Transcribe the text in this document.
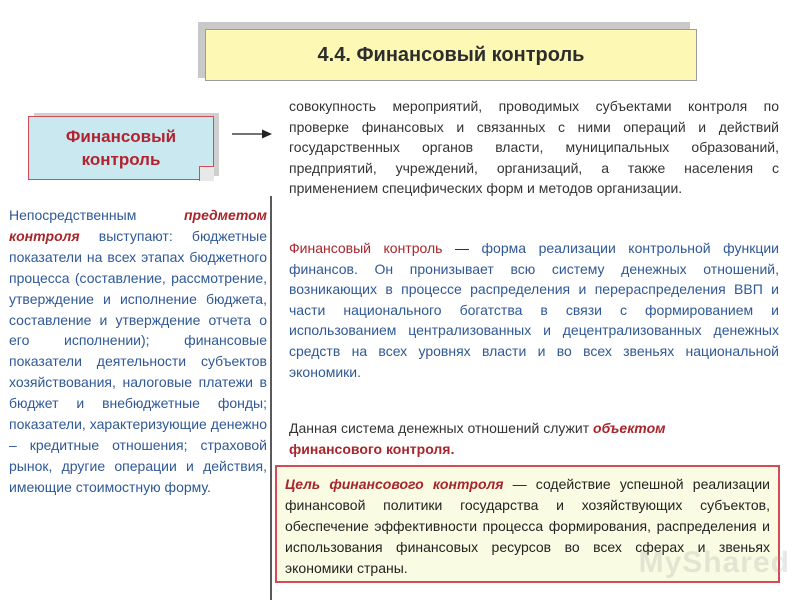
4.4. Финансовый контроль
Финансовый
контроль
Непосредственным предметом контроля выступают: бюджетные показатели на всех этапах бюджетного процесса (составление, рассмотрение, утверждение и исполнение бюджета, составление и утверждение отчета о его исполнении); финансовые показатели деятельности субъектов хозяйствования, налоговые платежи в бюджет и внебюджетные фонды; показатели, характеризующие денежно – кредитные отношения; страховой рынок, другие операции и действия, имеющие стоимостную форму.
совокупность мероприятий, проводимых субъектами контроля по проверке финансовых и связанных с ними операций и действий государственных органов власти, муниципальных образований, предприятий, учреждений, организаций, а также населения с применением специфических форм и методов организации.
Финансовый контроль — форма реализации контрольной функции финансов. Он пронизывает всю систему денежных отношений, возникающих в процессе распределения и перераспределения ВВП и части национального богатства в связи с формированием и использованием централизованных и децентрализованных денежных средств на всех уровнях власти и во всех звеньях национальной экономики.
Данная система денежных отношений служит объектом
финансового контроля.
Цель финансового контроля — содействие успешной реализации финансовой политики государства и хозяйствующих субъектов, обеспечение эффективности процесса формирования, распределения и использования финансовых ресурсов во всех сферах и звеньях экономики страны.	MyShared
